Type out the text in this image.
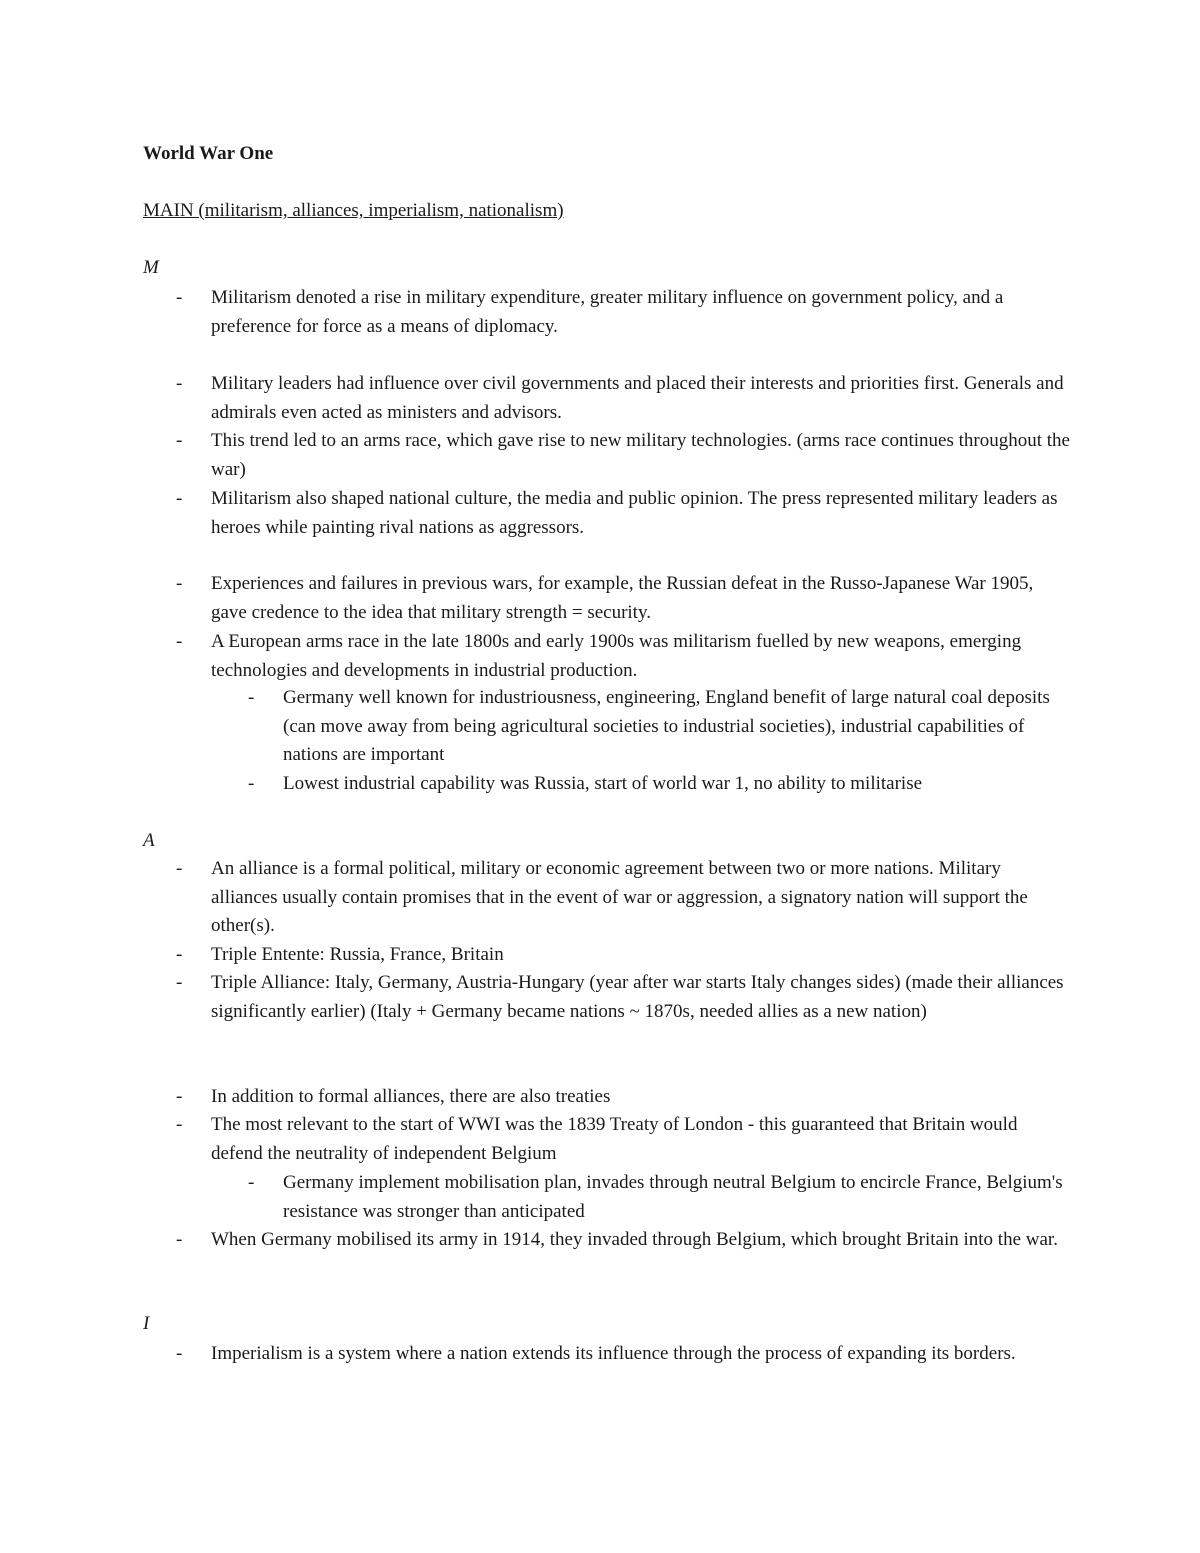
World War One
MAIN (militarism, alliances, imperialism, nationalism)
M
- Militarism denoted a rise in military expenditure, greater military influence on government policy, and a preference for force as a means of diplomacy.
- Military leaders had influence over civil governments and placed their interests and priorities first. Generals and admirals even acted as ministers and advisors.
- This trend led to an arms race, which gave rise to new military technologies. (arms race continues throughout the war)
- Militarism also shaped national culture, the media and public opinion. The press represented military leaders as heroes while painting rival nations as aggressors.
- Experiences and failures in previous wars, for example, the Russian defeat in the Russo-Japanese War 1905, gave credence to the idea that military strength = security.
- A European arms race in the late 1800s and early 1900s was militarism fuelled by new weapons, emerging technologies and developments in industrial production.
- Germany well known for industriousness, engineering, England benefit of large natural coal deposits (can move away from being agricultural societies to industrial societies), industrial capabilities of nations are important
- Lowest industrial capability was Russia, start of world war 1, no ability to militarise
A
- An alliance is a formal political, military or economic agreement between two or more nations. Military alliances usually contain promises that in the event of war or aggression, a signatory nation will support the other(s).
- Triple Entente: Russia, France, Britain
- Triple Alliance: Italy, Germany, Austria-Hungary (year after war starts Italy changes sides) (made their alliances significantly earlier) (Italy + Germany became nations ~ 1870s, needed allies as a new nation)
- In addition to formal alliances, there are also treaties
- The most relevant to the start of WWI was the 1839 Treaty of London - this guaranteed that Britain would defend the neutrality of independent Belgium
- Germany implement mobilisation plan, invades through neutral Belgium to encircle France, Belgium's resistance was stronger than anticipated
- When Germany mobilised its army in 1914, they invaded through Belgium, which brought Britain into the war.
I
- Imperialism is a system where a nation extends its influence through the process of expanding its borders.
